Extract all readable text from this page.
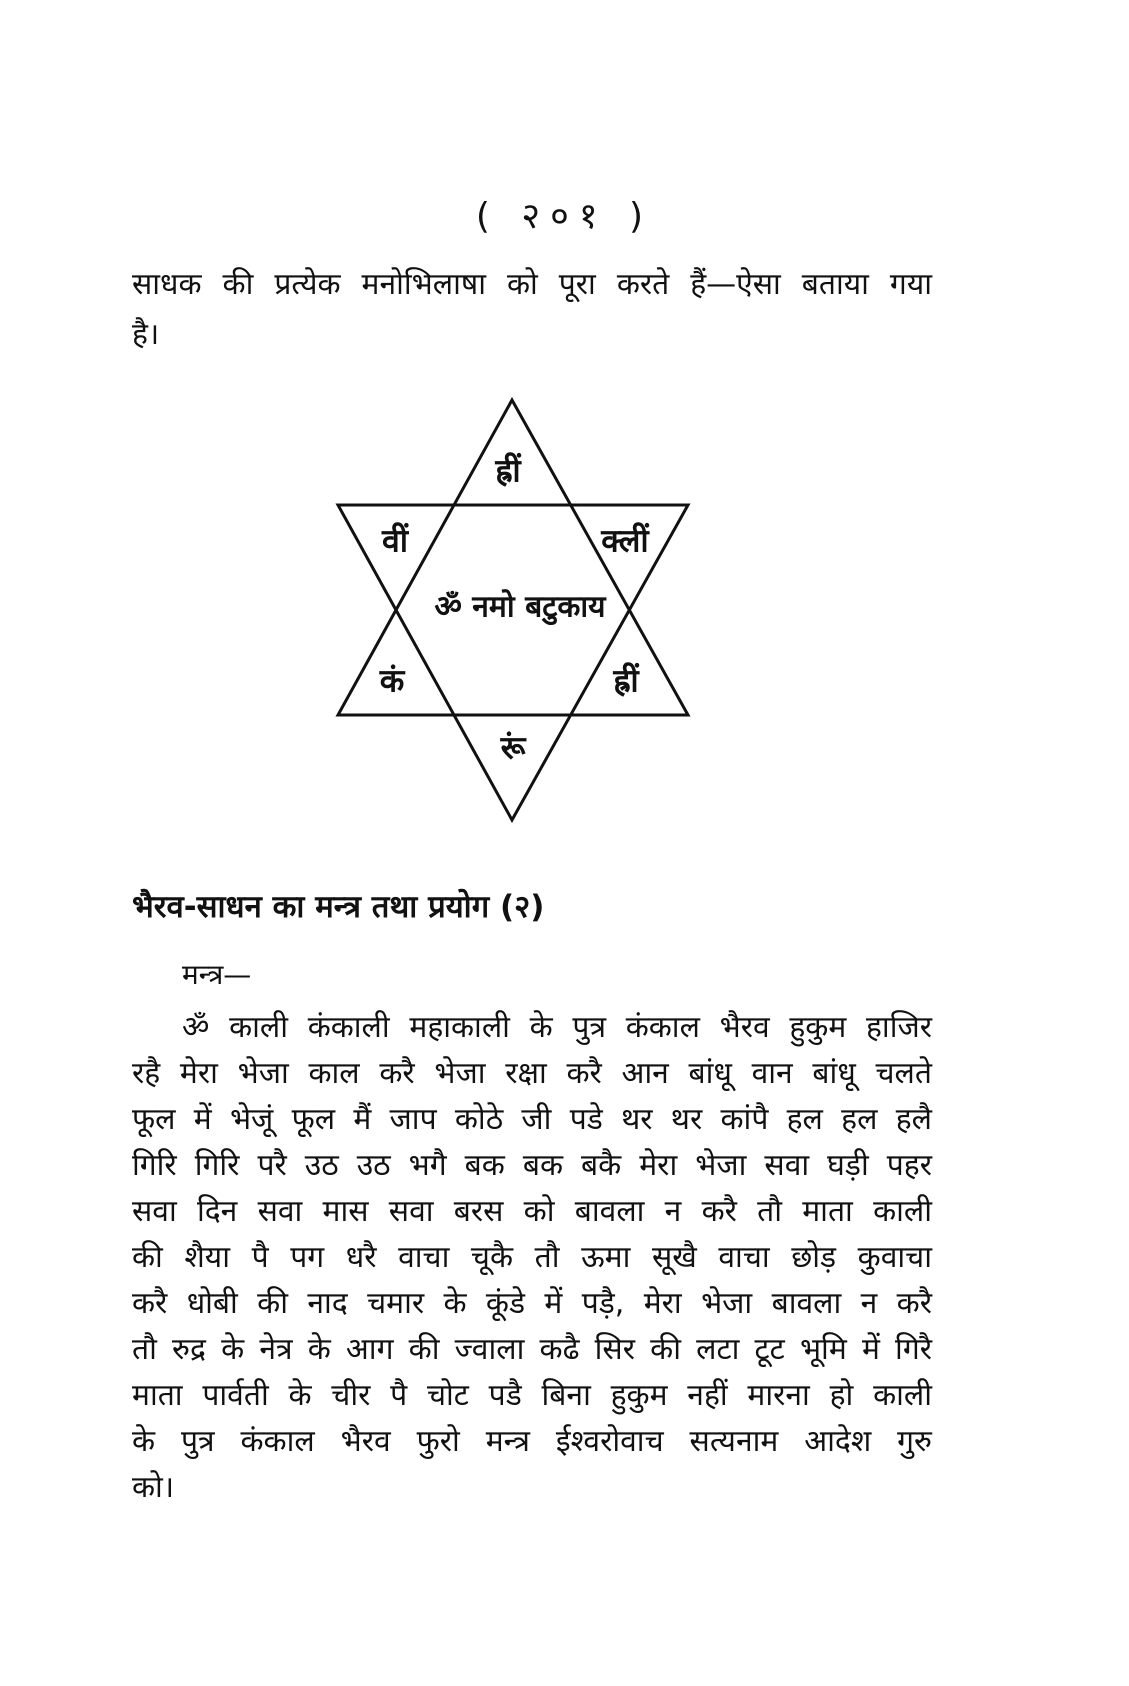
( २०१ )
साधक की प्रत्येक मनोभिलाषा को पूरा करते हैं—ऐसा बताया गया
है।
ह्रीं
वीं	क्लीं
ॐ नमो बटुकाय
कं	ह्रीं
रूं
भैरव-साधन का मन्त्र तथा प्रयोग (२)
मन्त्र—
ॐ काली कंकाली महाकाली के पुत्र कंकाल भैरव हुकुम हाजिर
रहै मेरा भेजा काल करै भेजा रक्षा करै आन बांधू वान बांधू चलते
फूल में भेजूं फूल मैं जाप कोठे जी पडे थर थर कांपै हल हल हलै
गिरि गिरि परै उठ उठ भगै बक बक बकै मेरा भेजा सवा घड़ी पहर
सवा दिन सवा मास सवा बरस को बावला न करै तौ माता काली
की शैया पै पग धरै वाचा चूकै तौ ऊमा सूखै वाचा छोड़ कुवाचा
करै धोबी की नाद चमार के कूंडे में पड़ै, मेरा भेजा बावला न करै
तौ रुद्र के नेत्र के आग की ज्वाला कढै सिर की लटा टूट भूमि में गिरै
माता पार्वती के चीर पै चोट पडै बिना हुकुम नहीं मारना हो काली
के पुत्र कंकाल भैरव फुरो मन्त्र ईश्वरोवाच सत्यनाम आदेश गुरु
को।
